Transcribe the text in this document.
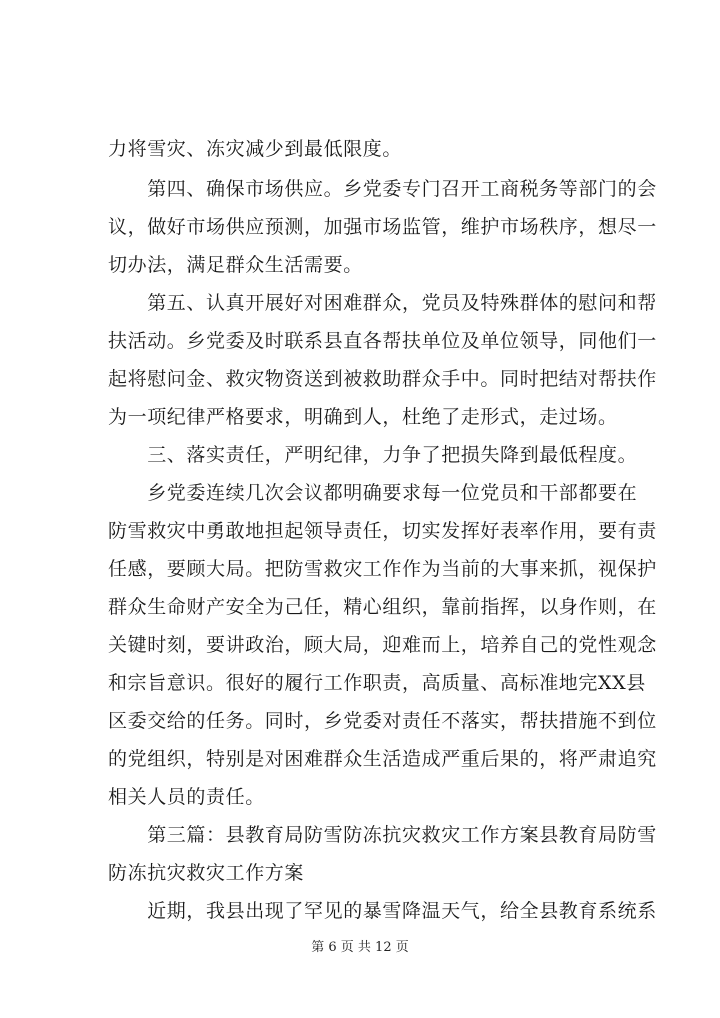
力将雪灾、冻灾减少到最低限度。
　　第四、确保市场供应。乡党委专门召开工商税务等部门的会
议，做好市场供应预测，加强市场监管，维护市场秩序，想尽一
切办法，满足群众生活需要。
　　第五、认真开展好对困难群众，党员及特殊群体的慰问和帮
扶活动。乡党委及时联系县直各帮扶单位及单位领导，同他们一
起将慰问金、救灾物资送到被救助群众手中。同时把结对帮扶作
为一项纪律严格要求，明确到人，杜绝了走形式，走过场。
　　三、落实责任，严明纪律，力争了把损失降到最低程度。
　　乡党委连续几次会议都明确要求每一位党员和干部都要在
防雪救灾中勇敢地担起领导责任，切实发挥好表率作用，要有责
任感，要顾大局。把防雪救灾工作作为当前的大事来抓，视保护
群众生命财产安全为己任，精心组织，靠前指挥，以身作则，在
关键时刻，要讲政治，顾大局，迎难而上，培养自己的党性观念
和宗旨意识。很好的履行工作职责，高质量、高标准地完XX县
区委交给的任务。同时，乡党委对责任不落实，帮扶措施不到位
的党组织，特别是对困难群众生活造成严重后果的，将严肃追究
相关人员的责任。
　　第三篇：县教育局防雪防冻抗灾救灾工作方案县教育局防雪
防冻抗灾救灾工作方案
　　近期，我县出现了罕见的暴雪降温天气，给全县教育系统系
第 6 页 共 12 页
